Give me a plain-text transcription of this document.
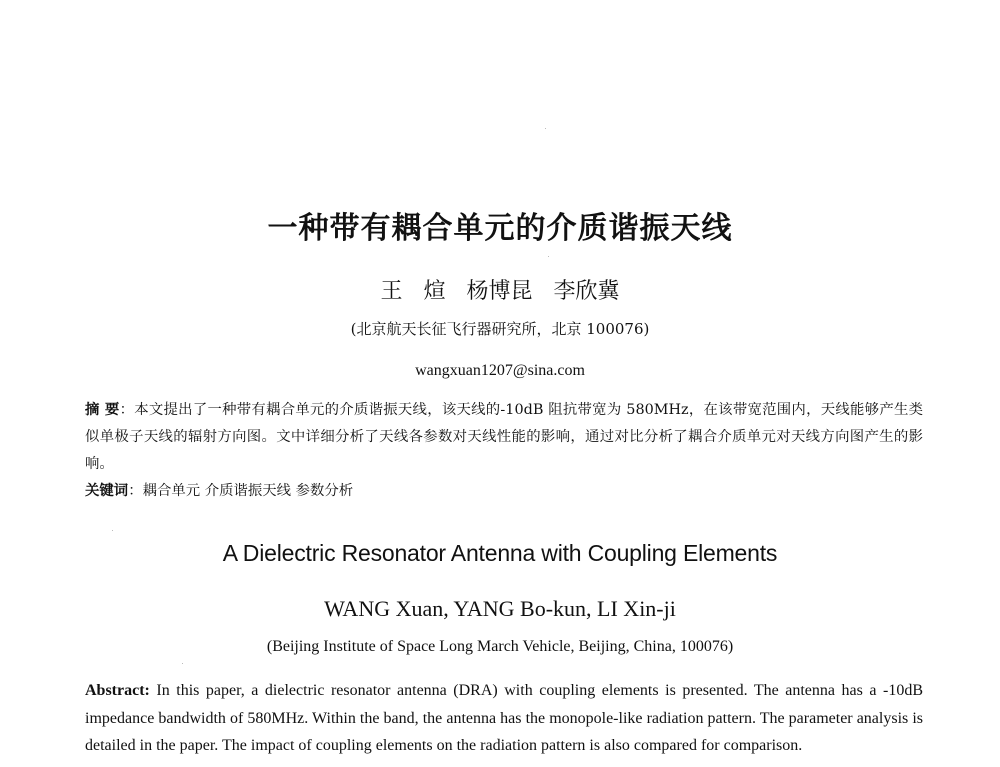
一种带有耦合单元的介质谐振天线
王 煊 杨博昆 李欣冀
(北京航天长征飞行器研究所，北京 100076)
wangxuan1207@sina.com
摘 要：本文提出了一种带有耦合单元的介质谐振天线，该天线的-10dB 阻抗带宽为 580MHz，在该带宽范围内，天线能够产生类似单极子天线的辐射方向图。文中详细分析了天线各参数对天线性能的影响，通过对比分析了耦合介质单元对天线方向图产生的影响。
关键词：耦合单元 介质谐振天线 参数分析
A Dielectric Resonator Antenna with Coupling Elements
WANG Xuan, YANG Bo-kun, LI Xin-ji
(Beijing Institute of Space Long March Vehicle, Beijing, China, 100076)
Abstract: In this paper, a dielectric resonator antenna (DRA) with coupling elements is presented. The antenna has a -10dB impedance bandwidth of 580MHz. Within the band, the antenna has the monopole-like radiation pattern. The parameter analysis is detailed in the paper. The impact of coupling elements on the radiation pattern is also compared for comparison.
